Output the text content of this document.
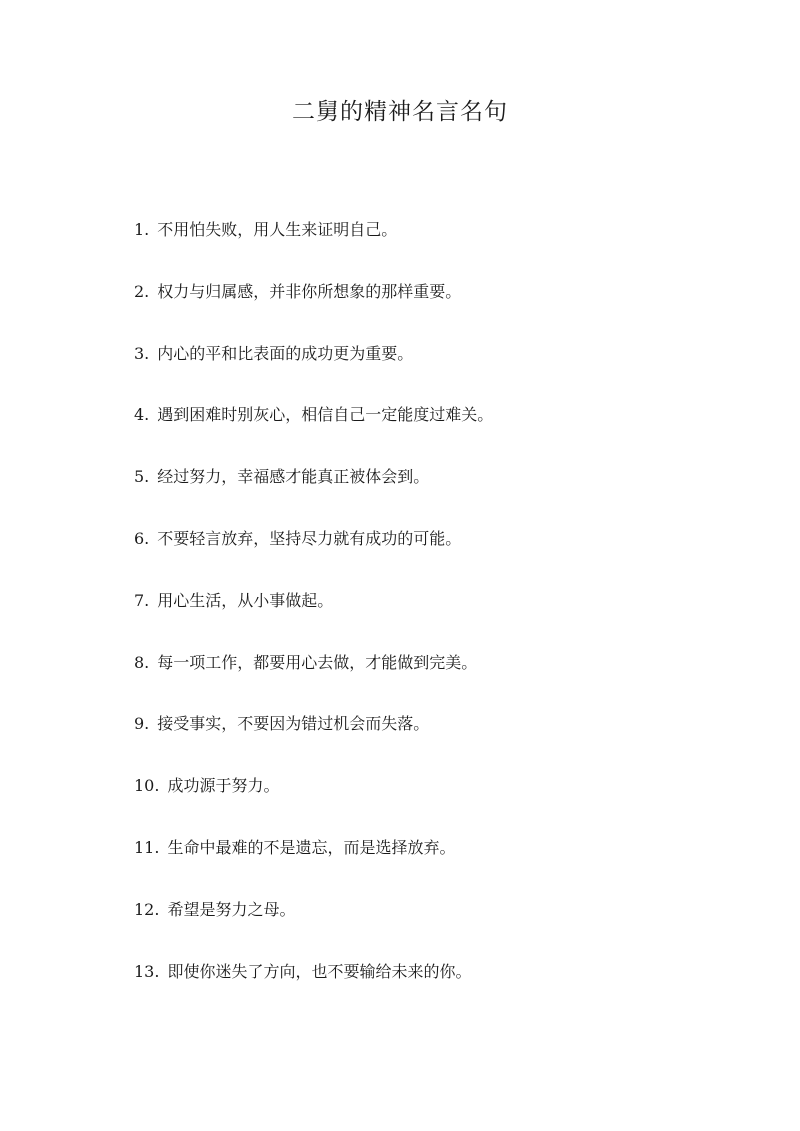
二舅的精神名言名句
1. 不用怕失败，用人生来证明自己。
2. 权力与归属感，并非你所想象的那样重要。
3. 内心的平和比表面的成功更为重要。
4. 遇到困难时别灰心，相信自己一定能度过难关。
5. 经过努力，幸福感才能真正被体会到。
6. 不要轻言放弃，坚持尽力就有成功的可能。
7. 用心生活，从小事做起。
8. 每一项工作，都要用心去做，才能做到完美。
9. 接受事实，不要因为错过机会而失落。
10. 成功源于努力。
11. 生命中最难的不是遗忘，而是选择放弃。
12. 希望是努力之母。
13. 即使你迷失了方向，也不要输给未来的你。
